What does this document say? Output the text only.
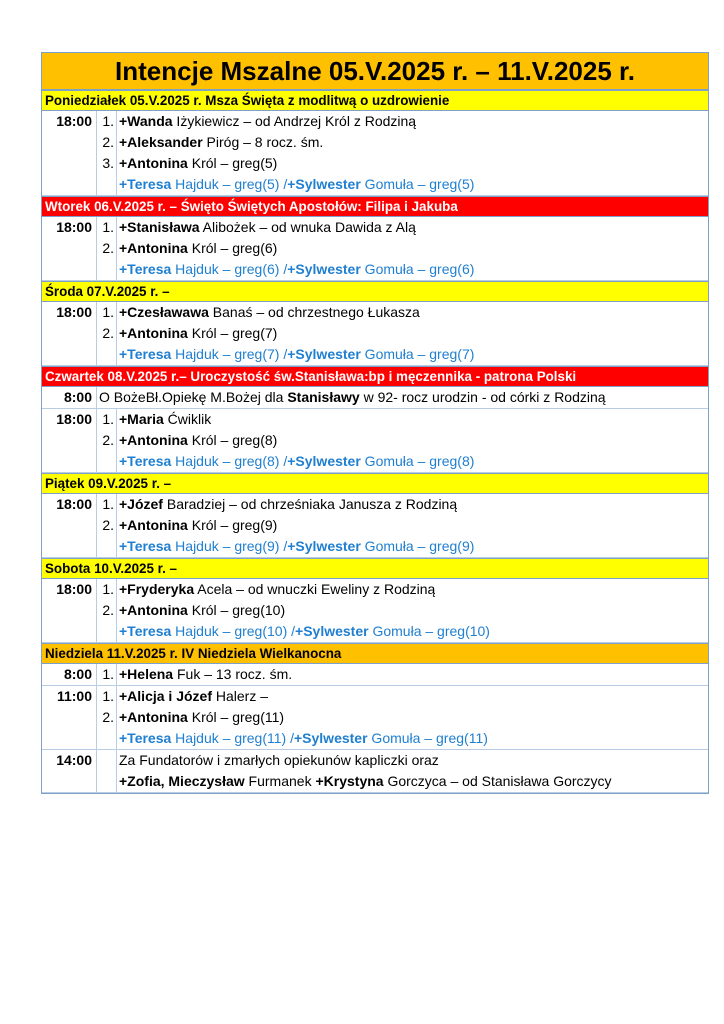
Intencje Mszalne 05.V.2025 r. – 11.V.2025 r.
Poniedziałek 05.V.2025 r. Msza Święta z modlitwą o uzdrowienie
18:00 1. +Wanda Iżykiewicz – od Andrzej Król z Rodziną
2. +Aleksander Piróg – 8 rocz. śm.
3. +Antonina Król – greg(5)
+Teresa Hajduk – greg(5) /+Sylwester Gomuła – greg(5)
Wtorek 06.V.2025 r. – Święto Świętych Apostołów: Filipa i Jakuba
18:00 1. +Stanisława Alibożek – od wnuka Dawida z Alą
2. +Antonina Król – greg(6)
+Teresa Hajduk – greg(6) /+Sylwester Gomuła – greg(6)
Środa 07.V.2025 r. –
18:00 1. +Czesławawa Banaś – od chrzestnego Łukasza
2. +Antonina Król – greg(7)
+Teresa Hajduk – greg(7) /+Sylwester Gomuła – greg(7)
Czwartek 08.V.2025 r.– Uroczystość św.Stanisława:bp i męczennika - patrona Polski
8:00 O BożeBł.Opiekę M.Bożej dla Stanisławy w 92- rocz urodzin - od córki z Rodziną
18:00 1. +Maria Ćwiklik
2. +Antonina Król – greg(8)
+Teresa Hajduk – greg(8) /+Sylwester Gomuła – greg(8)
Piątek 09.V.2025 r. –
18:00 1. +Józef Baradziej – od chrześniaka Janusza z Rodziną
2. +Antonina Król – greg(9)
+Teresa Hajduk – greg(9) /+Sylwester Gomuła – greg(9)
Sobota 10.V.2025 r. –
18:00 1. +Fryderyka Acela – od wnuczki Eweliny z Rodziną
2. +Antonina Król – greg(10)
+Teresa Hajduk – greg(10) /+Sylwester Gomuła – greg(10)
Niedziela 11.V.2025 r. IV Niedziela Wielkanocna
8:00 1. +Helena Fuk – 13 rocz. śm.
11:00 1. +Alicja i Józef Halerz –
2. +Antonina Król – greg(11)
+Teresa Hajduk – greg(11) /+Sylwester Gomuła – greg(11)
14:00	Za Fundatorów i zmarłych opiekunów kapliczki oraz
+Zofia, Mieczysław Furmanek +Krystyna Gorczyca – od Stanisława Gorczycy
